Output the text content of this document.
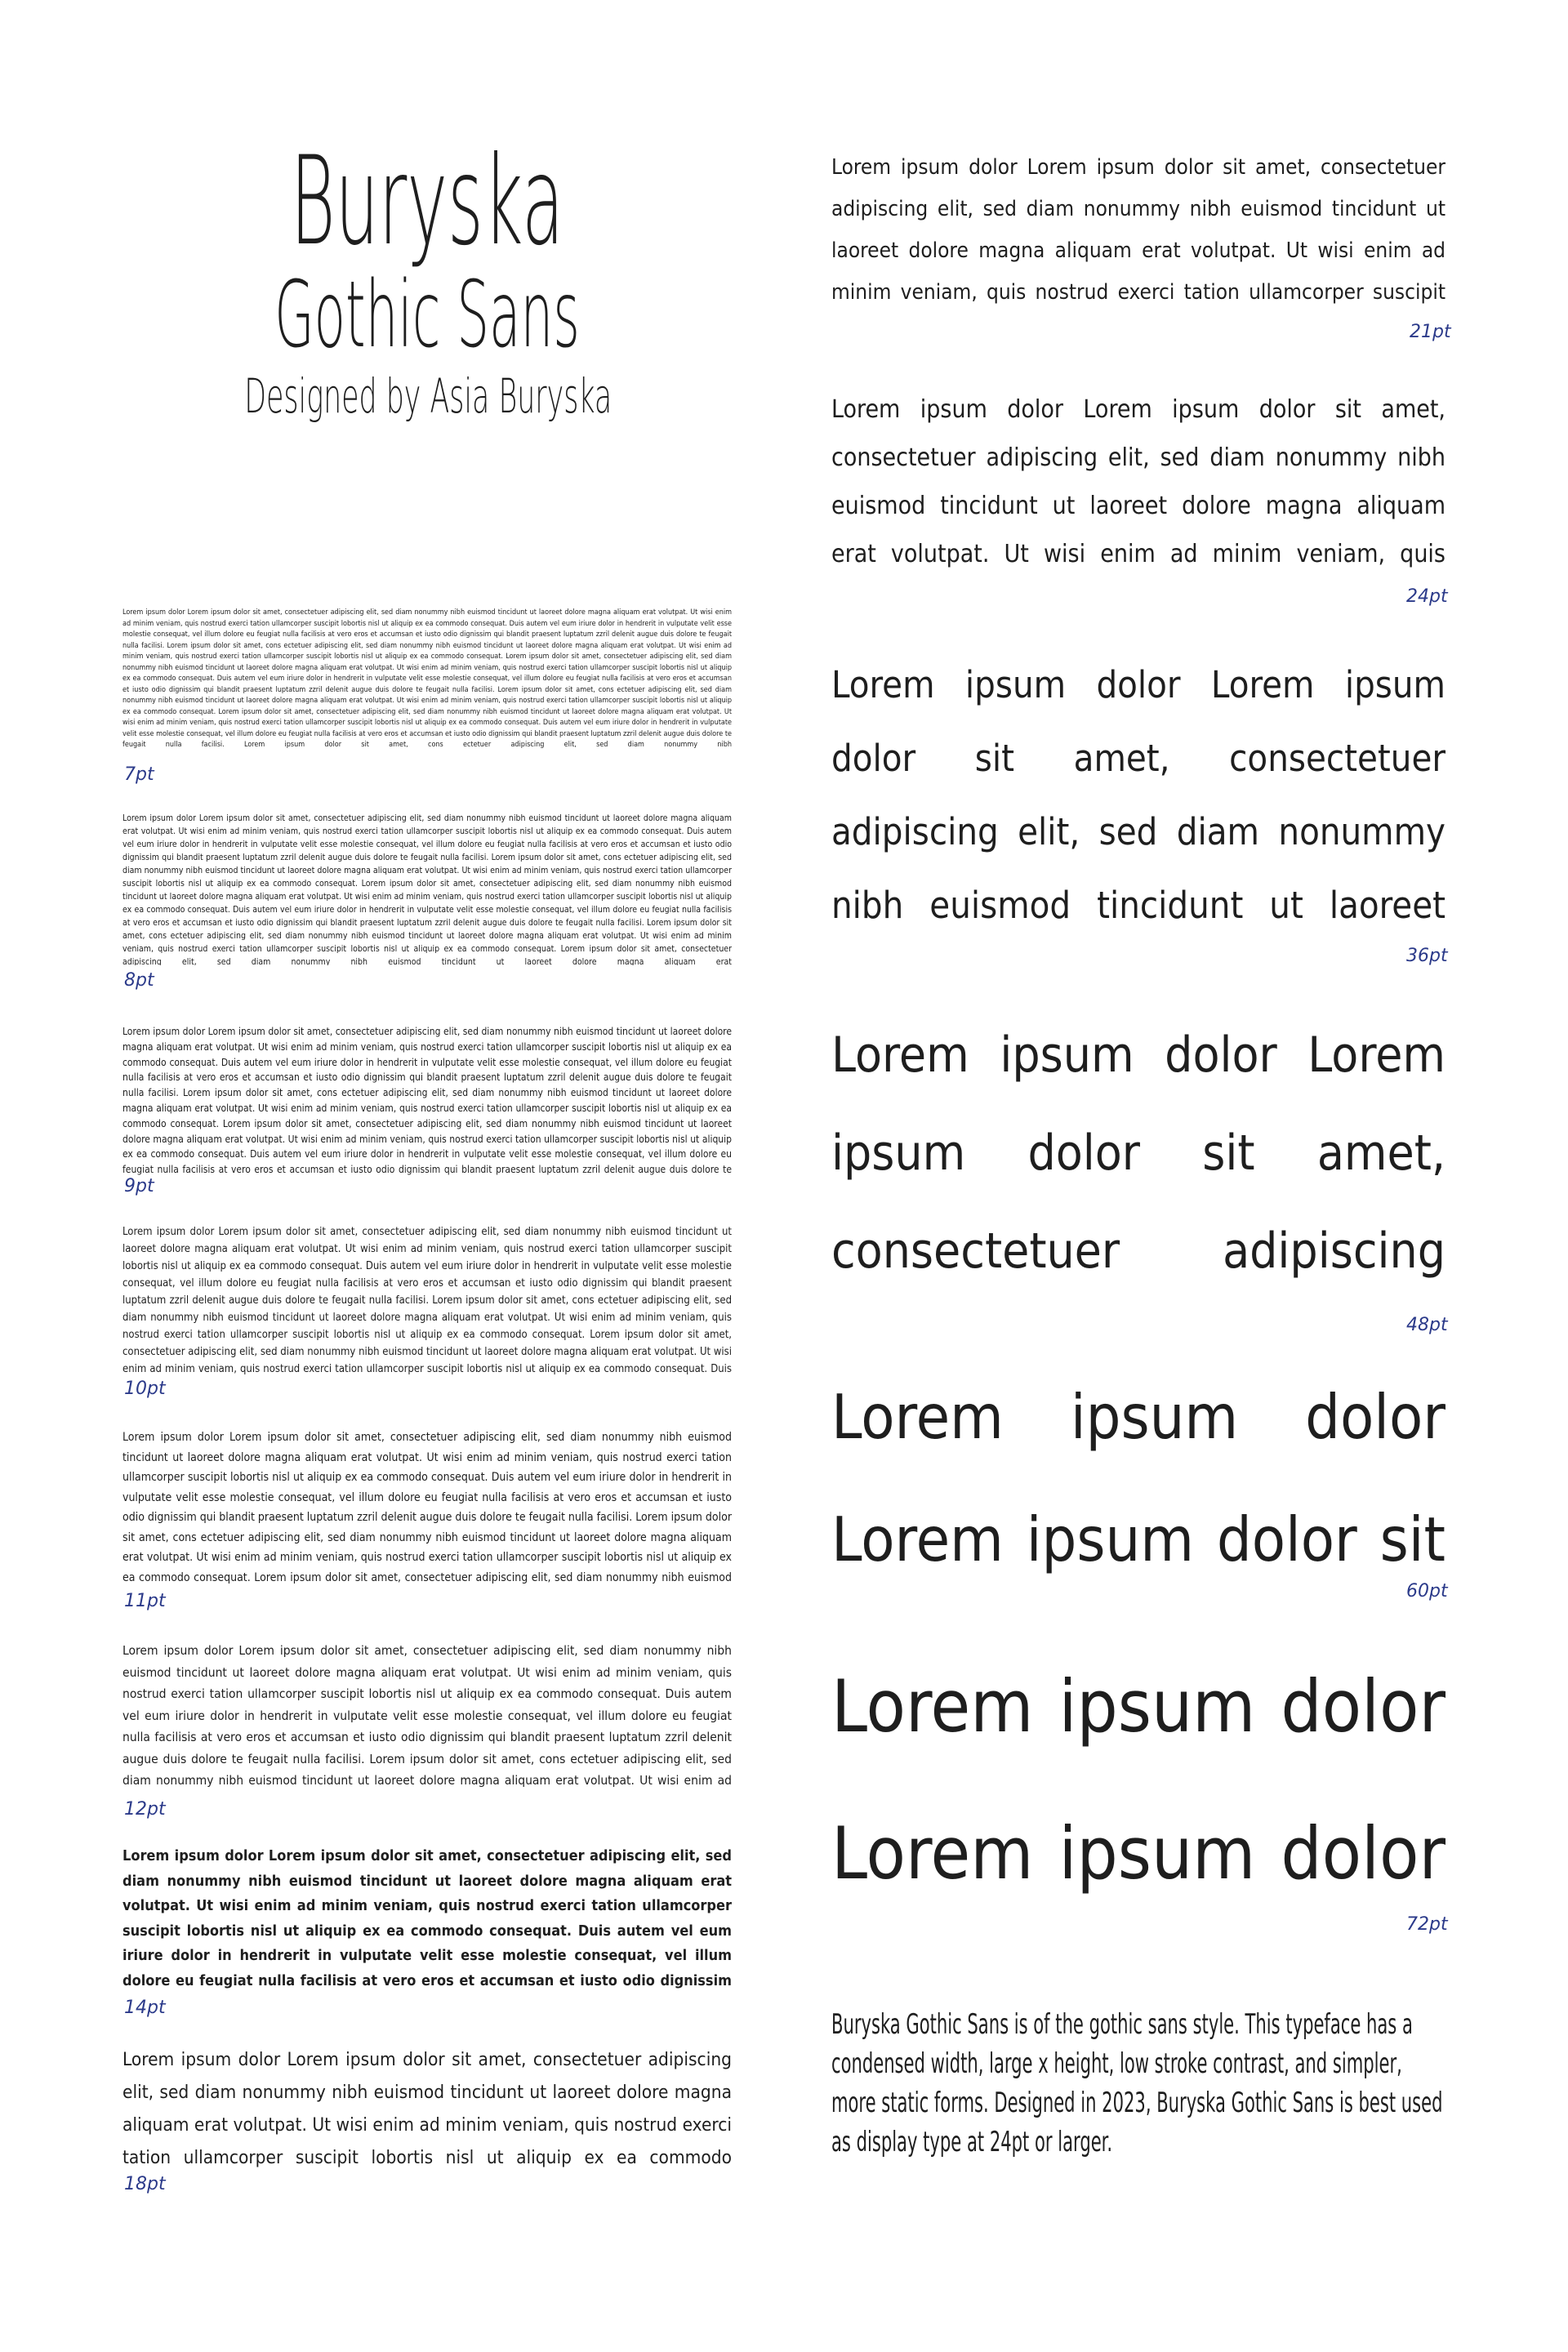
Buryska
Gothic Sans
Designed by Asia Buryska
Lorem ipsum dolor Lorem ipsum dolor sit amet, consectetuer adipiscing elit, sed diam nonummy nibh euismod tincidunt ut laoreet dolore magna aliquam erat volutpat. Ut wisi enim ad minim veniam, quis nostrud exerci tation ullamcorper suscipit lobortis nisl ut aliquip ex ea commodo consequat. Duis autem vel eum iriure dolor in hendrerit in vulputate velit esse molestie consequat, vel illum dolore eu feugiat nulla facilisis at vero eros et accumsan et iusto odio dignissim qui blandit praesent luptatum zzril delenit augue duis dolore te feugait nulla facilisi. Lorem ipsum dolor sit amet, cons ectetuer adipiscing elit, sed diam nonummy nibh euismod tincidunt ut laoreet dolore magna aliquam erat volutpat. Ut wisi enim ad minim veniam, quis nostrud exerci tation ullamcorper suscipit lobortis nisl ut aliquip ex ea commodo consequat. Lorem ipsum dolor sit amet, consectetuer adipiscing elit, sed diam nonummy nibh euismod tincidunt ut laoreet dolore magna aliquam erat volutpat. Ut wisi enim ad minim veniam, quis nostrud exerci tation ullamcorper suscipit lobortis nisl ut aliquip ex ea commodo consequat. Duis autem vel eum iriure dolor in hendrerit in vulputate velit esse molestie consequat, vel illum dolore eu feugiat nulla facilisis at vero eros et accumsan et iusto odio dignissim qui blandit praesent luptatum zzril delenit augue duis dolore te feugait nulla facilisi. Lorem ipsum dolor sit amet, cons ectetuer adipiscing elit, sed diam nonummy nibh euismod tincidunt ut laoreet dolore magna aliquam erat volutpat. Ut wisi enim ad minim veniam, quis nostrud exerci tation ullamcorper suscipit lobortis nisl ut aliquip ex ea commodo consequat. Lorem ipsum dolor sit amet, consectetuer adipiscing elit, sed diam nonummy nibh euismod tincidunt ut laoreet dolore magna aliquam erat volutpat. Ut wisi enim ad minim veniam, quis nostrud exerci tation ullamcorper suscipit lobortis nisl ut aliquip ex ea commodo consequat. Duis autem vel eum iriure dolor in hendrerit in vulputate velit esse molestie consequat, vel illum dolore eu feugiat nulla facilisis at vero eros et accumsan et iusto odio dignissim qui blandit praesent luptatum zzril delenit augue duis dolore te feugait nulla facilisi. Lorem ipsum dolor sit amet, cons ectetuer adipiscing elit, sed diam nonummy nibh
7pt
Lorem ipsum dolor Lorem ipsum dolor sit amet, consectetuer adipiscing elit, sed diam nonummy nibh euismod tincidunt ut laoreet dolore magna aliquam erat volutpat. Ut wisi enim ad minim veniam, quis nostrud exerci tation ullamcorper suscipit lobortis nisl ut aliquip ex ea commodo consequat. Duis autem vel eum iriure dolor in hendrerit in vulputate velit esse molestie consequat, vel illum dolore eu feugiat nulla facilisis at vero eros et accumsan et iusto odio dignissim qui blandit praesent luptatum zzril delenit augue duis dolore te feugait nulla facilisi. Lorem ipsum dolor sit amet, cons ectetuer adipiscing elit, sed diam nonummy nibh euismod tincidunt ut laoreet dolore magna aliquam erat volutpat. Ut wisi enim ad minim veniam, quis nostrud exerci tation ullamcorper suscipit lobortis nisl ut aliquip ex ea commodo consequat. Lorem ipsum dolor sit amet, consectetuer adipiscing elit, sed diam nonummy nibh euismod tincidunt ut laoreet dolore magna aliquam erat volutpat. Ut wisi enim ad minim veniam, quis nostrud exerci tation ullamcorper suscipit lobortis nisl ut aliquip ex ea commodo consequat. Duis autem vel eum iriure dolor in hendrerit in vulputate velit esse molestie consequat, vel illum dolore eu feugiat nulla facilisis at vero eros et accumsan et iusto odio dignissim qui blandit praesent luptatum zzril delenit augue duis dolore te feugait nulla facilisi. Lorem ipsum dolor sit amet, cons ectetuer adipiscing elit, sed diam nonummy nibh euismod tincidunt ut laoreet dolore magna aliquam erat volutpat. Ut wisi enim ad minim veniam, quis nostrud exerci tation ullamcorper suscipit lobortis nisl ut aliquip ex ea commodo consequat. Lorem ipsum dolor sit amet, consectetuer adipiscing elit, sed diam nonummy nibh euismod tincidunt ut laoreet dolore magna aliquam erat
8pt
Lorem ipsum dolor Lorem ipsum dolor sit amet, consectetuer adipiscing elit, sed diam nonummy nibh euismod tincidunt ut laoreet dolore magna aliquam erat volutpat. Ut wisi enim ad minim veniam, quis nostrud exerci tation ullamcorper suscipit lobortis nisl ut aliquip ex ea commodo consequat. Duis autem vel eum iriure dolor in hendrerit in vulputate velit esse molestie consequat, vel illum dolore eu feugiat nulla facilisis at vero eros et accumsan et iusto odio dignissim qui blandit praesent luptatum zzril delenit augue duis dolore te feugait nulla facilisi. Lorem ipsum dolor sit amet, cons ectetuer adipiscing elit, sed diam nonummy nibh euismod tincidunt ut laoreet dolore magna aliquam erat volutpat. Ut wisi enim ad minim veniam, quis nostrud exerci tation ullamcorper suscipit lobortis nisl ut aliquip ex ea commodo consequat. Lorem ipsum dolor sit amet, consectetuer adipiscing elit, sed diam nonummy nibh euismod tincidunt ut laoreet dolore magna aliquam erat volutpat. Ut wisi enim ad minim veniam, quis nostrud exerci tation ullamcorper suscipit lobortis nisl ut aliquip ex ea commodo consequat. Duis autem vel eum iriure dolor in hendrerit in vulputate velit esse molestie consequat, vel illum dolore eu feugiat nulla facilisis at vero eros et accumsan et iusto odio dignissim qui blandit praesent luptatum zzril delenit augue duis dolore te
9pt
Lorem ipsum dolor Lorem ipsum dolor sit amet, consectetuer adipiscing elit, sed diam nonummy nibh euismod tincidunt ut laoreet dolore magna aliquam erat volutpat. Ut wisi enim ad minim veniam, quis nostrud exerci tation ullamcorper suscipit lobortis nisl ut aliquip ex ea commodo consequat. Duis autem vel eum iriure dolor in hendrerit in vulputate velit esse molestie consequat, vel illum dolore eu feugiat nulla facilisis at vero eros et accumsan et iusto odio dignissim qui blandit praesent luptatum zzril delenit augue duis dolore te feugait nulla facilisi. Lorem ipsum dolor sit amet, cons ectetuer adipiscing elit, sed diam nonummy nibh euismod tincidunt ut laoreet dolore magna aliquam erat volutpat. Ut wisi enim ad minim veniam, quis nostrud exerci tation ullamcorper suscipit lobortis nisl ut aliquip ex ea commodo consequat. Lorem ipsum dolor sit amet, consectetuer adipiscing elit, sed diam nonummy nibh euismod tincidunt ut laoreet dolore magna aliquam erat volutpat. Ut wisi enim ad minim veniam, quis nostrud exerci tation ullamcorper suscipit lobortis nisl ut aliquip ex ea commodo consequat. Duis
10pt
Lorem ipsum dolor Lorem ipsum dolor sit amet, consectetuer adipiscing elit, sed diam nonummy nibh euismod tincidunt ut laoreet dolore magna aliquam erat volutpat. Ut wisi enim ad minim veniam, quis nostrud exerci tation ullamcorper suscipit lobortis nisl ut aliquip ex ea commodo consequat. Duis autem vel eum iriure dolor in hendrerit in vulputate velit esse molestie consequat, vel illum dolore eu feugiat nulla facilisis at vero eros et accumsan et iusto odio dignissim qui blandit praesent luptatum zzril delenit augue duis dolore te feugait nulla facilisi. Lorem ipsum dolor sit amet, cons ectetuer adipiscing elit, sed diam nonummy nibh euismod tincidunt ut laoreet dolore magna aliquam erat volutpat. Ut wisi enim ad minim veniam, quis nostrud exerci tation ullamcorper suscipit lobortis nisl ut aliquip ex ea commodo consequat. Lorem ipsum dolor sit amet, consectetuer adipiscing elit, sed diam nonummy nibh euismod
11pt
Lorem ipsum dolor Lorem ipsum dolor sit amet, consectetuer adipiscing elit, sed diam nonummy nibh euismod tincidunt ut laoreet dolore magna aliquam erat volutpat. Ut wisi enim ad minim veniam, quis nostrud exerci tation ullamcorper suscipit lobortis nisl ut aliquip ex ea commodo consequat. Duis autem vel eum iriure dolor in hendrerit in vulputate velit esse molestie consequat, vel illum dolore eu feugiat nulla facilisis at vero eros et accumsan et iusto odio dignissim qui blandit praesent luptatum zzril delenit augue duis dolore te feugait nulla facilisi. Lorem ipsum dolor sit amet, cons ectetuer adipiscing elit, sed diam nonummy nibh euismod tincidunt ut laoreet dolore magna aliquam erat volutpat. Ut wisi enim ad
12pt
Lorem ipsum dolor Lorem ipsum dolor sit amet, consectetuer adipiscing elit, sed diam nonummy nibh euismod tincidunt ut laoreet dolore magna aliquam erat volutpat. Ut wisi enim ad minim veniam, quis nostrud exerci tation ullamcorper suscipit lobortis nisl ut aliquip ex ea commodo consequat. Duis autem vel eum iriure dolor in hendrerit in vulputate velit esse molestie consequat, vel illum dolore eu feugiat nulla facilisis at vero eros et accumsan et iusto odio dignissim
14pt
Lorem ipsum dolor Lorem ipsum dolor sit amet, consectetuer adipiscing elit, sed diam nonummy nibh euismod tincidunt ut laoreet dolore magna aliquam erat volutpat. Ut wisi enim ad minim veniam, quis nostrud exerci tation ullamcorper suscipit lobortis nisl ut aliquip ex ea commodo
18pt
Lorem ipsum dolor Lorem ipsum dolor sit amet, consectetuer adipiscing elit, sed diam nonummy nibh euismod tincidunt ut laoreet dolore magna aliquam erat volutpat. Ut wisi enim ad minim veniam, quis nostrud exerci tation ullamcorper suscipit
21pt
Lorem ipsum dolor Lorem ipsum dolor sit amet, consectetuer adipiscing elit, sed diam nonummy nibh euismod tincidunt ut laoreet dolore magna aliquam erat volutpat. Ut wisi enim ad minim veniam, quis
24pt
Lorem ipsum dolor Lorem ipsum dolor sit amet, consectetuer adipiscing elit, sed diam nonummy nibh euismod tincidunt ut laoreet
36pt
Lorem ipsum dolor Lorem ipsum dolor sit amet, consectetuer adipiscing
48pt
Lorem ipsum dolor Lorem ipsum dolor sit
60pt
Lorem ipsum dolor Lorem ipsum dolor
72pt
Buryska Gothic Sans is of the gothic sans style. This typeface has a condensed width, large x height, low stroke contrast, and simpler, more static forms. Designed in 2023, Buryska Gothic Sans is best used as display type at 24pt or larger.
